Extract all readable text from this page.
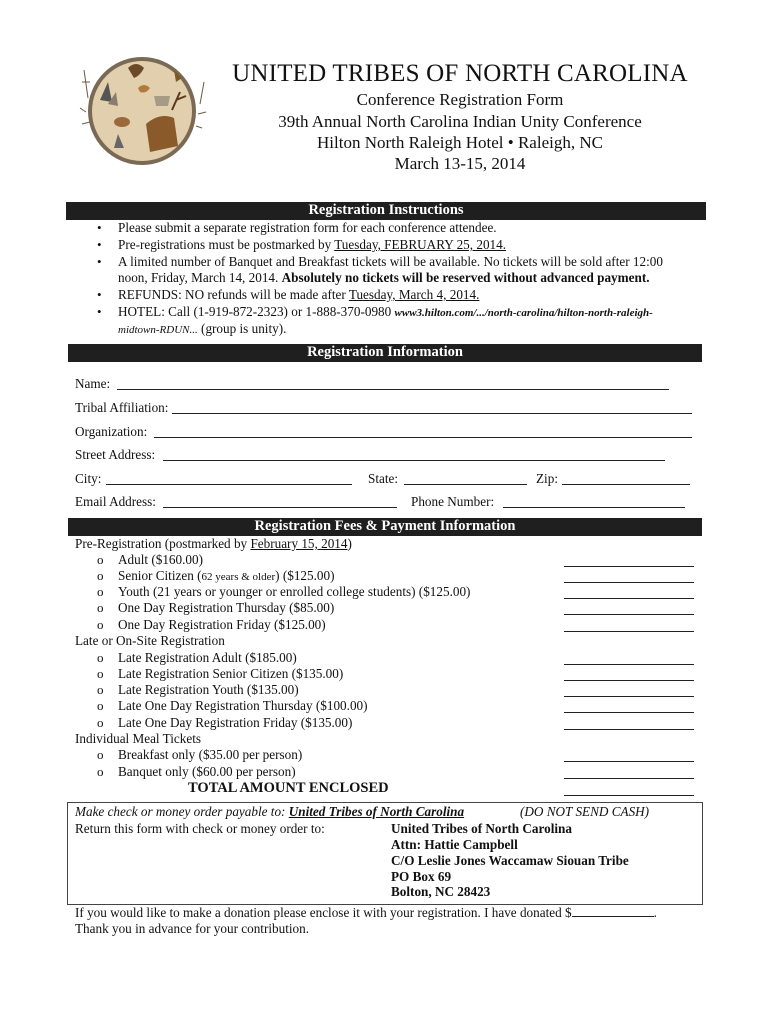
UNITED TRIBES OF NORTH CAROLINA
Conference Registration Form
39th Annual North Carolina Indian Unity Conference
Hilton North Raleigh Hotel • Raleigh, NC
March 13-15, 2014
Registration Instructions
• Please submit a separate registration form for each conference attendee.
• Pre-registrations must be postmarked by Tuesday, FEBRUARY 25, 2014.
• A limited number of Banquet and Breakfast tickets will be available. No tickets will be sold after 12:00
noon, Friday, March 14, 2014. Absolutely no tickets will be reserved without advanced payment.
• REFUNDS: NO refunds will be made after Tuesday, March 4, 2014.
• HOTEL: Call (1-919-872-2323) or 1-888-370-0980 www3.hilton.com/.../north-carolina/hilton-north-raleigh-
midtown-RDUN... (group is unity).
Registration Information
Name:
Tribal Affiliation:
Organization:
Street Address:
City:	State:	Zip:
Email Address:	Phone Number:
Registration Fees & Payment Information
Pre-Registration (postmarked by February 15, 2014)
o Adult ($160.00)
o Senior Citizen (62 years & older) ($125.00)
o Youth (21 years or younger or enrolled college students) ($125.00)
o One Day Registration Thursday ($85.00)
o One Day Registration Friday ($125.00)
Late or On-Site Registration
o Late Registration Adult ($185.00)
o Late Registration Senior Citizen ($135.00)
o Late Registration Youth ($135.00)
o Late One Day Registration Thursday ($100.00)
o Late One Day Registration Friday ($135.00)
Individual Meal Tickets
o Breakfast only ($35.00 per person)
o Banquet only ($60.00 per person)
TOTAL AMOUNT ENCLOSED
Make check or money order payable to: United Tribes of North Carolina	(DO NOT SEND CASH)
Return this form with check or money order to:	United Tribes of North Carolina
Attn: Hattie Campbell
C/O Leslie Jones Waccamaw Siouan Tribe
PO Box 69
Bolton, NC 28423
If you would like to make a donation please enclose it with your registration. I have donated $	.
Thank you in advance for your contribution.
